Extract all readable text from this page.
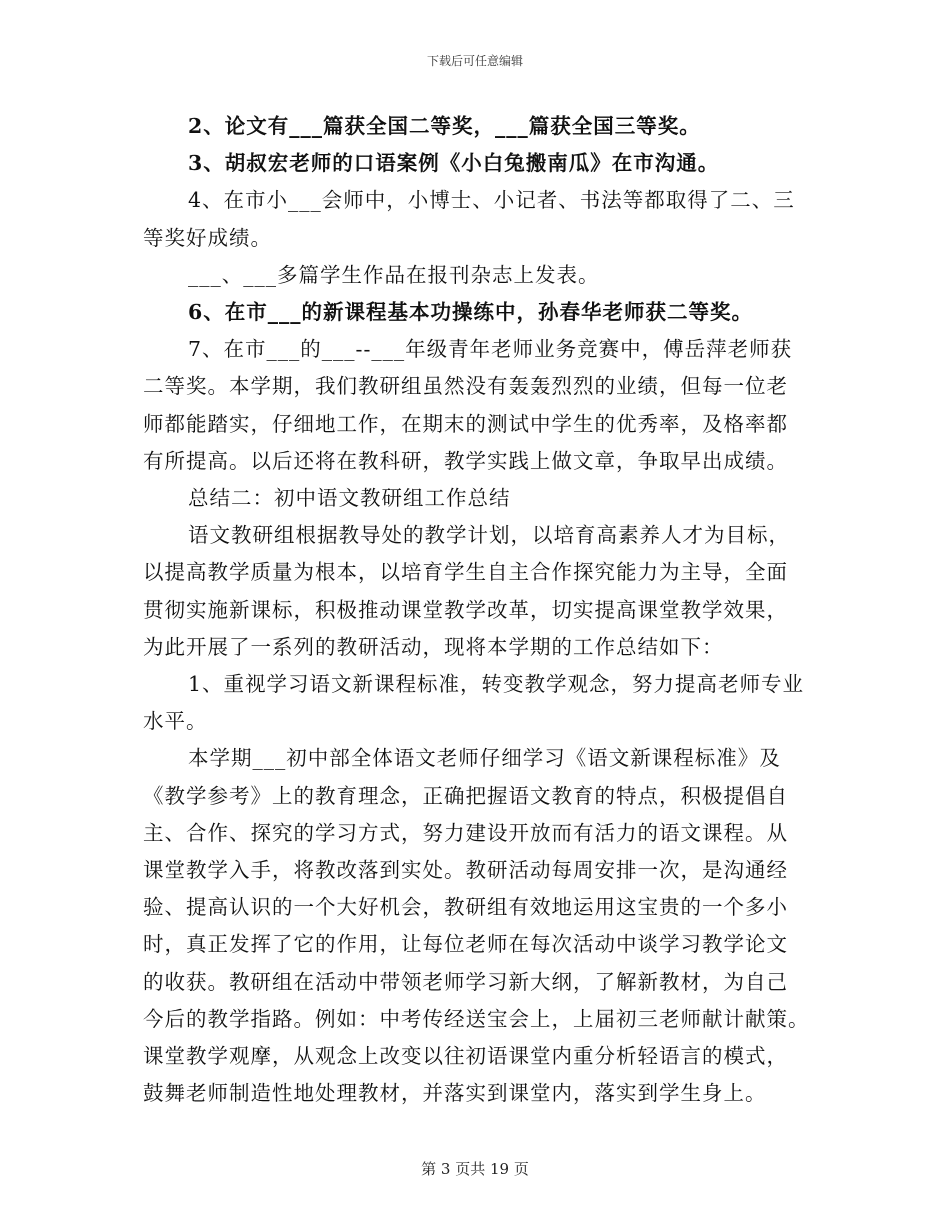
下载后可任意编辑

2、论文有___篇获全国二等奖，___篇获全国三等奖。

3、胡叔宏老师的口语案例《小白兔搬南瓜》在市沟通。

4、在市小___会师中，小博士、小记者、书法等都取得了二、三
等奖好成绩。

___、___多篇学生作品在报刊杂志上发表。

6、在市___的新课程基本功操练中，孙春华老师获二等奖。

7、在市___的___--___年级青年老师业务竞赛中，傅岳萍老师获
二等奖。本学期，我们教研组虽然没有轰轰烈烈的业绩，但每一位老
师都能踏实，仔细地工作，在期末的测试中学生的优秀率，及格率都
有所提高。以后还将在教科研，教学实践上做文章，争取早出成绩。

总结二：初中语文教研组工作总结

语文教研组根据教导处的教学计划，以培育高素养人才为目标，
以提高教学质量为根本，以培育学生自主合作探究能力为主导，全面
贯彻实施新课标，积极推动课堂教学改革，切实提高课堂教学效果，
为此开展了一系列的教研活动，现将本学期的工作总结如下：

1、重视学习语文新课程标准，转变教学观念，努力提高老师专业
水平。

本学期___初中部全体语文老师仔细学习《语文新课程标准》及
《教学参考》上的教育理念，正确把握语文教育的特点，积极提倡自
主、合作、探究的学习方式，努力建设开放而有活力的语文课程。从
课堂教学入手，将教改落到实处。教研活动每周安排一次，是沟通经
验、提高认识的一个大好机会，教研组有效地运用这宝贵的一个多小
时，真正发挥了它的作用，让每位老师在每次活动中谈学习教学论文
的收获。教研组在活动中带领老师学习新大纲，了解新教材，为自己
今后的教学指路。例如：中考传经送宝会上，上届初三老师献计献策。
课堂教学观摩，从观念上改变以往初语课堂内重分析轻语言的模式，
鼓舞老师制造性地处理教材，并落实到课堂内，落实到学生身上。

第 3 页共 19 页
